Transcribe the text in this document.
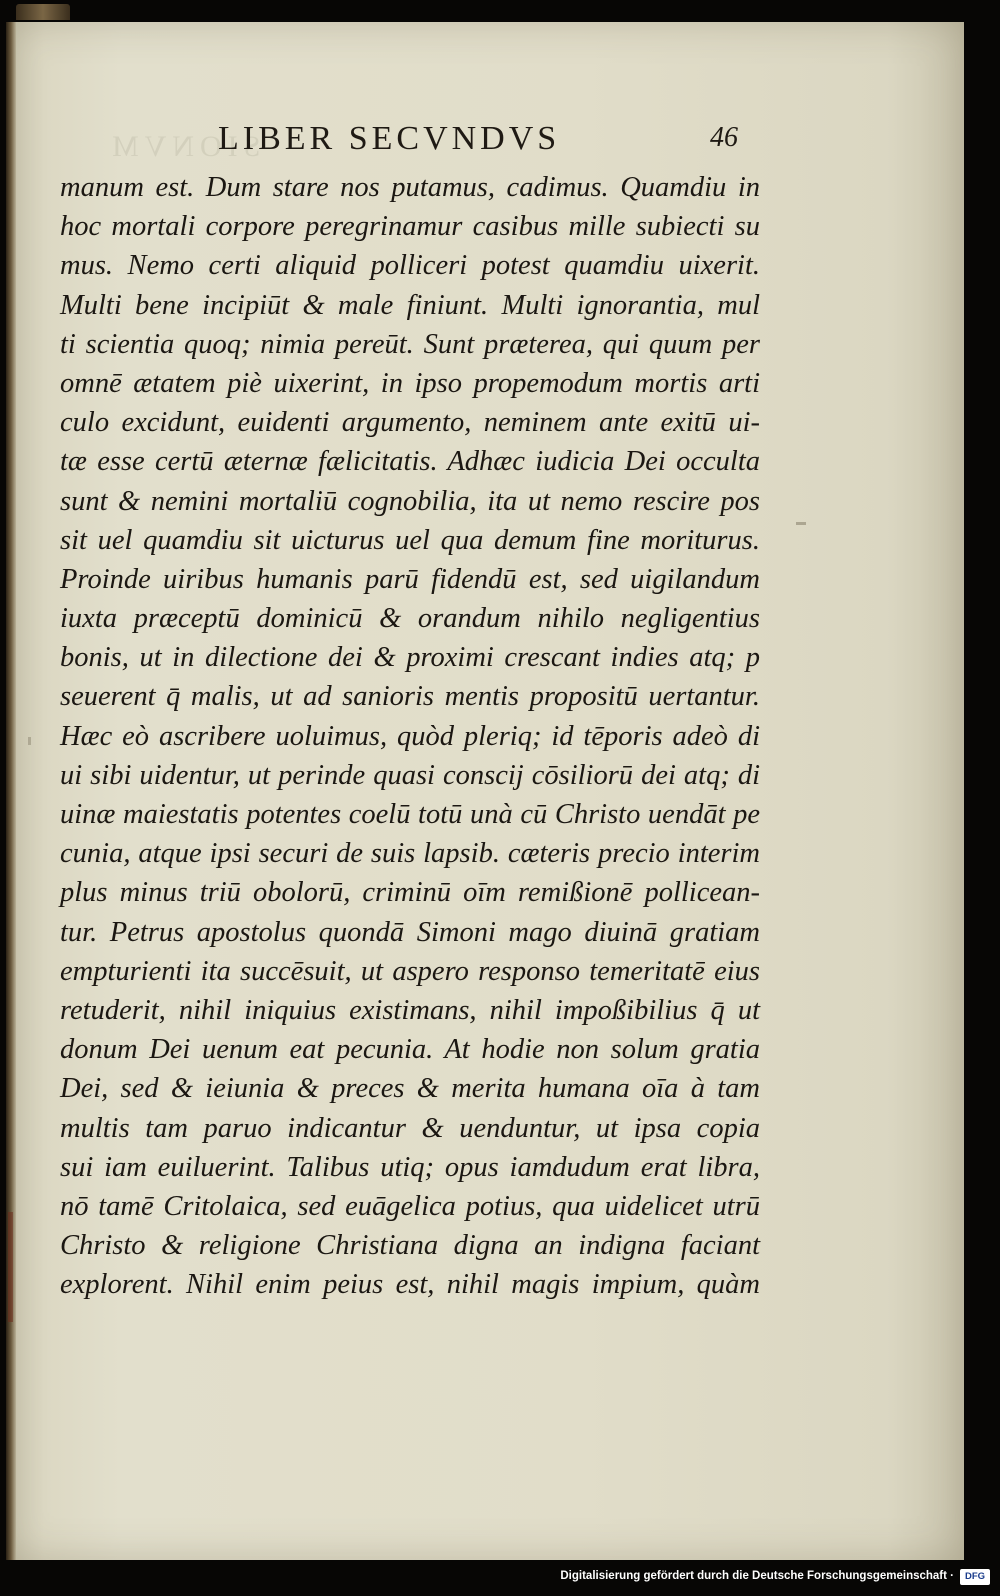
SIONVM
LIBER SECVNDVS	46
manum est. Dum stare nos putamus, cadimus. Quamdiu in
hoc mortali corpore peregrinamur casibus mille subiecti su
mus. Nemo certi aliquid polliceri potest quamdiu uixerit.
Multi bene incipiūt & male finiunt. Multi ignorantia, mul
ti scientia quoq; nimia pereūt. Sunt præterea, qui quum per
omnē ætatem piè uixerint, in ipso propemodum mortis arti
culo excidunt, euidenti argumento, neminem ante exitū ui-
tæ esse certū æternæ fælicitatis. Adhæc iudicia Dei occulta
sunt & nemini mortaliū cognobilia, ita ut nemo rescire pos
sit uel quamdiu sit uicturus uel qua demum fine moriturus.
Proinde uiribus humanis parū fidendū est, sed uigilandum
iuxta præceptū dominicū & orandum nihilo negligentius
bonis, ut in dilectione dei & proximi crescant indies atq; p
seuerent q̄ malis, ut ad sanioris mentis propositū uertantur.
Hæc eò ascribere uoluimus, quòd pleriq; id tēporis adeò di
ui sibi uidentur, ut perinde quasi conscij cōsiliorū dei atq; di
uinæ maiestatis potentes coelū totū unà cū Christo uendāt pe
cunia, atque ipsi securi de suis lapsib. cæteris precio interim
plus minus triū obolorū, criminū oīm remißionē pollicean-
tur. Petrus apostolus quondā Simoni mago diuinā gratiam
empturienti ita succēsuit, ut aspero responso temeritatē eius
retuderit, nihil iniquius existimans, nihil impoßibilius q̄ ut
donum Dei uenum eat pecunia. At hodie non solum gratia
Dei, sed & ieiunia & preces & merita humana oīa à tam
multis tam paruo indicantur & uenduntur, ut ipsa copia
sui iam euiluerint. Talibus utiq; opus iamdudum erat libra,
nō tamē Critolaica, sed euāgelica potius, qua uidelicet utrū
Christo & religione Christiana digna an indigna faciant
explorent. Nihil enim peius est, nihil magis impium, quàm
Digitalisierung gefördert durch die Deutsche Forschungsgemeinschaft ·	DFG
